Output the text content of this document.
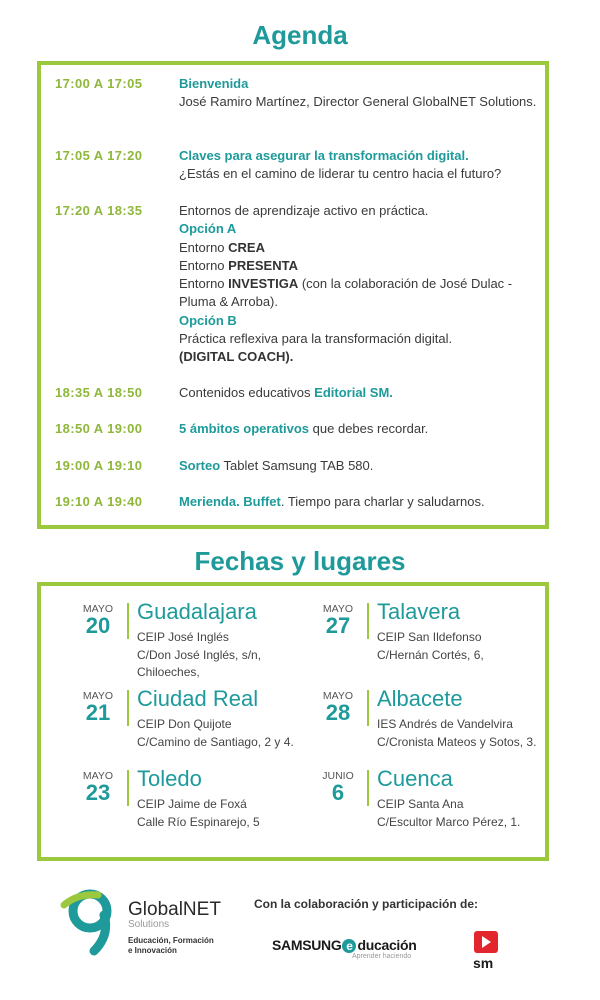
Agenda
17:00 A 17:05	Bienvenida
José Ramiro Martínez, Director General GlobalNET Solutions.
17:05 A 17:20	Claves para asegurar la transformación digital.
¿Estás en el camino de liderar tu centro hacia el futuro?
17:20 A 18:35	Entornos de aprendizaje activo en práctica.
Opción A
Entorno CREA
Entorno PRESENTA
Entorno INVESTIGA (con la colaboración de José Dulac - Pluma & Arroba).
Opción B
Práctica reflexiva para la transformación digital.
(DIGITAL COACH).
18:35 A 18:50	Contenidos educativos Editorial SM.
18:50 A 19:00	5 ámbitos operativos que debes recordar.
19:00 A 19:10	Sorteo Tablet Samsung TAB 580.
19:10 A 19:40	Merienda. Buffet. Tiempo para charlar y saludarnos.
Fechas y lugares
MAYO
20
Guadalajara
CEIP José Inglés
C/Don José Inglés, s/n, Chiloeches,
MAYO
27
Talavera
CEIP San Ildefonso
C/Hernán Cortés, 6,
MAYO
21
Ciudad Real
CEIP Don Quijote
C/Camino de Santiago, 2 y 4.
MAYO
28
Albacete
IES Andrés de Vandelvira
C/Cronista Mateos y Sotos, 3.
MAYO
23
Toledo
CEIP Jaime de Foxá
Calle Río Espinarejo, 5
JUNIO
6
Cuenca
CEIP Santa Ana
C/Escultor Marco Pérez, 1.
GlobalNET
Solutions
Educación, Formación e Innovación
Con la colaboración y participación de:
SAMSUNG e ducación
Aprender haciendo	sm
